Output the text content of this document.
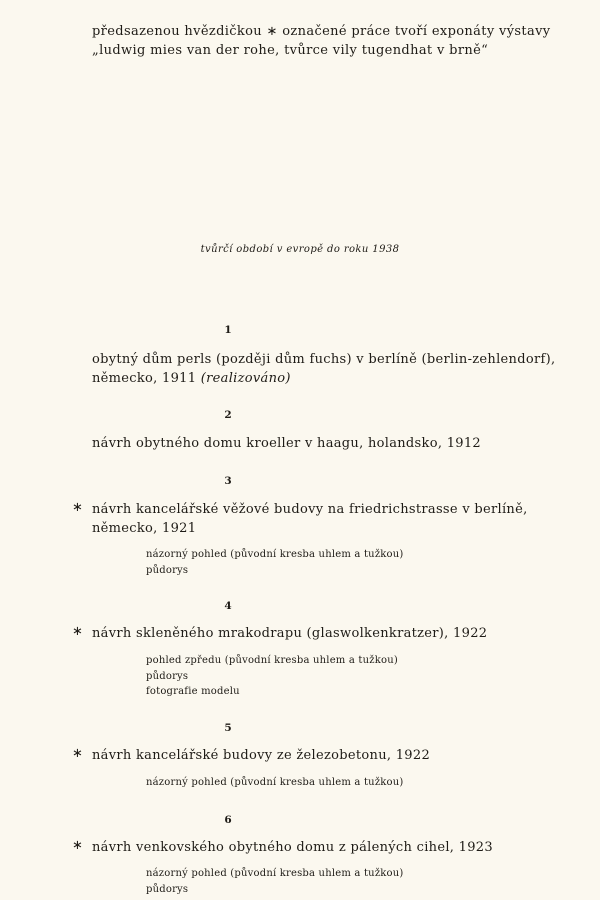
předsazenou hvězdičkou ∗ označené práce tvoří exponáty výstavy
„ludwig mies van der rohe, tvůrce vily tugendhat v brně“
tvůrčí období v evropě do roku 1938
1
obytný dům perls (později dům fuchs) v berlíně (berlin-zehlendorf),
německo, 1911 (realizováno)
2
návrh obytného domu kroeller v haagu, holandsko, 1912
3
∗ návrh kancelářské věžové budovy na friedrichstrasse v berlíně,
německo, 1921
názorný pohled (původní kresba uhlem a tužkou)
půdorys
4
∗ návrh skleněného mrakodrapu (glaswolkenkratzer), 1922
pohled zpředu (původní kresba uhlem a tužkou)
půdorys
fotografie modelu
5
∗ návrh kancelářské budovy ze železobetonu, 1922
názorný pohled (původní kresba uhlem a tužkou)
6
∗ návrh venkovského obytného domu z pálených cihel, 1923
názorný pohled (původní kresba uhlem a tužkou)
půdorys
